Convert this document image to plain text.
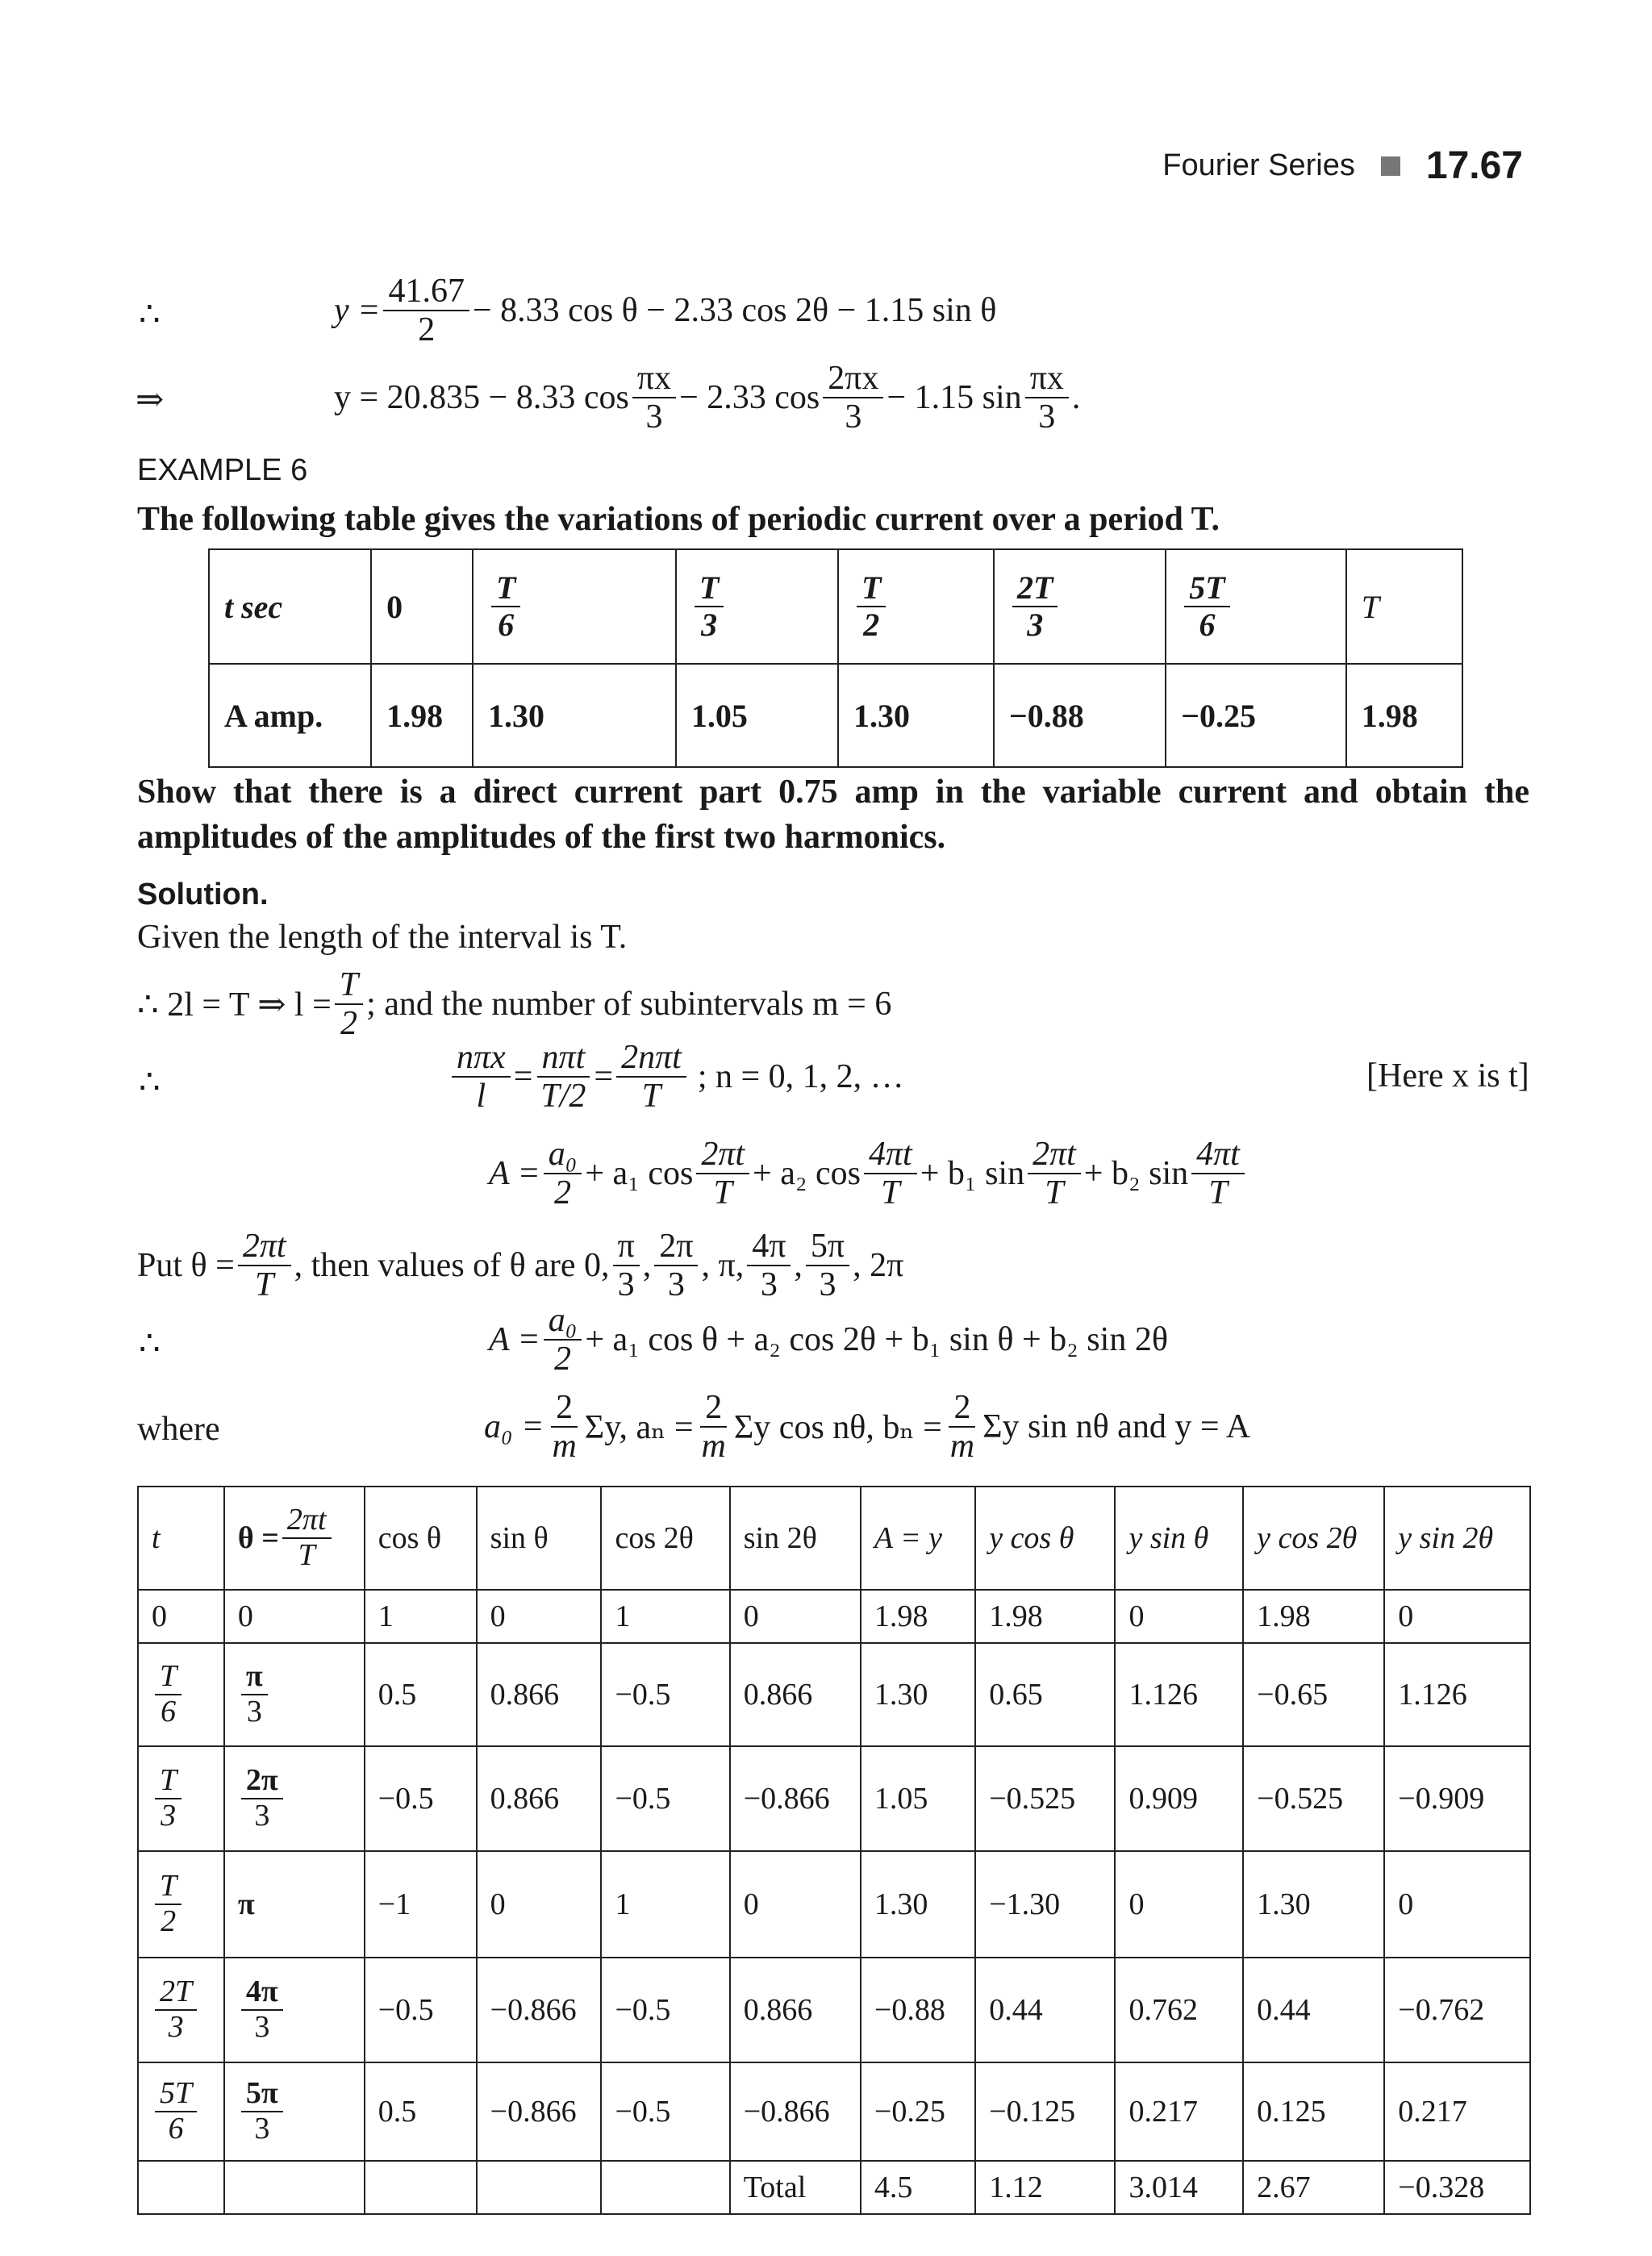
Fourier Series 17.67
∴	$y = \frac{41.67}{2} - 8.33$ cos θ − 2.33 cos 2θ − 1.15 sin θ
⇒	y = 20.835 − 8.33 $\cos \frac{\pi x}{3} - 2.33$ $\cos \frac{2\pi x}{3} - 1.15$ $\sin \frac{\pi x}{3}$ .
EXAMPLE 6
The following table gives the variations of periodic current over a period T.
t sec	0	$\frac{T}{6}$	$\frac{T}{3}$	$\frac{T}{2}$	$\frac{2T}{3}$	$\frac{5T}{6}$	T
A amp.	1.98	1.30	1.05	1.30	−0.88	−0.25	1.98
Show that there is a direct current part 0.75 amp in the variable current and obtain the
amplitudes of the amplitudes of the first two harmonics.
Solution.
Given the length of the interval is T.
∴ 2l = T ⇒ $l = \frac{T}{2}$ ; and the number of subintervals m = 6
∴	$\frac{\text{nπx}}{l} = \frac{\text{nπt}}{T/2} = \frac{\text{2nπt}}{T}$ ; n = 0, 1, 2, …	[Here x is t]
$A = \frac{\text{a₀}}{2} + a_1$ $\cos \frac{2\pi t}{T} + a_2$ $\cos \frac{4\pi t}{T} + b_1$ $\sin \frac{2\pi t}{T} + b_2$ $\sin \frac{4\pi t}{T}$
Put $\theta = \frac{2\pi t}{T}$ , then values of θ are 0, $\frac{\pi}{3}$ , $\frac{2\pi}{3}$ , π, $\frac{4\pi}{3}$ , $\frac{5\pi}{3}$ , 2π
∴	$A = \frac{\text{a₀}}{2} + a_1$ cos θ + a₂ cos 2θ + b₁ sin θ + b₂ sin 2θ
where	$a_0 = \frac{2}{m} \Sigma y$, $a_n = \frac{2}{m}$ Σy cos nθ, $b_n = \frac{2}{m}$ Σy sin nθ and y = A
t	$\theta = \frac{2\pi t}{T}$	cos θ	sin θ	cos 2θ	sin 2θ	A = y	y cos θ	y sin θ	y cos 2θ	y sin 2θ
0	0	1	0	1	0	1.98	1.98	0	1.98	0

$\frac{T}{6}$	$\frac{\pi}{3}$	0.5	0.866	−0.5	0.866	1.30	0.65	1.126	−0.65	1.126

$\frac{T}{3}$	$\frac{2\pi}{3}$	−0.5	0.866	−0.5	−0.866	1.05	−0.525	0.909	−0.525	−0.909

$\frac{T}{2}$	π	−1	0	1	0	1.30	−1.30	0	1.30	0

$\frac{2T}{3}$	$\frac{4\pi}{3}$	−0.5	−0.866	−0.5	0.866	−0.88	0.44	0.762	0.44	−0.762

$\frac{5T}{6}$	$\frac{5\pi}{3}$	0.5	−0.866	−0.5	−0.866	−0.25	−0.125	0.217	0.125	0.217
					Total	4.5	1.12	3.014	2.67	−0.328
